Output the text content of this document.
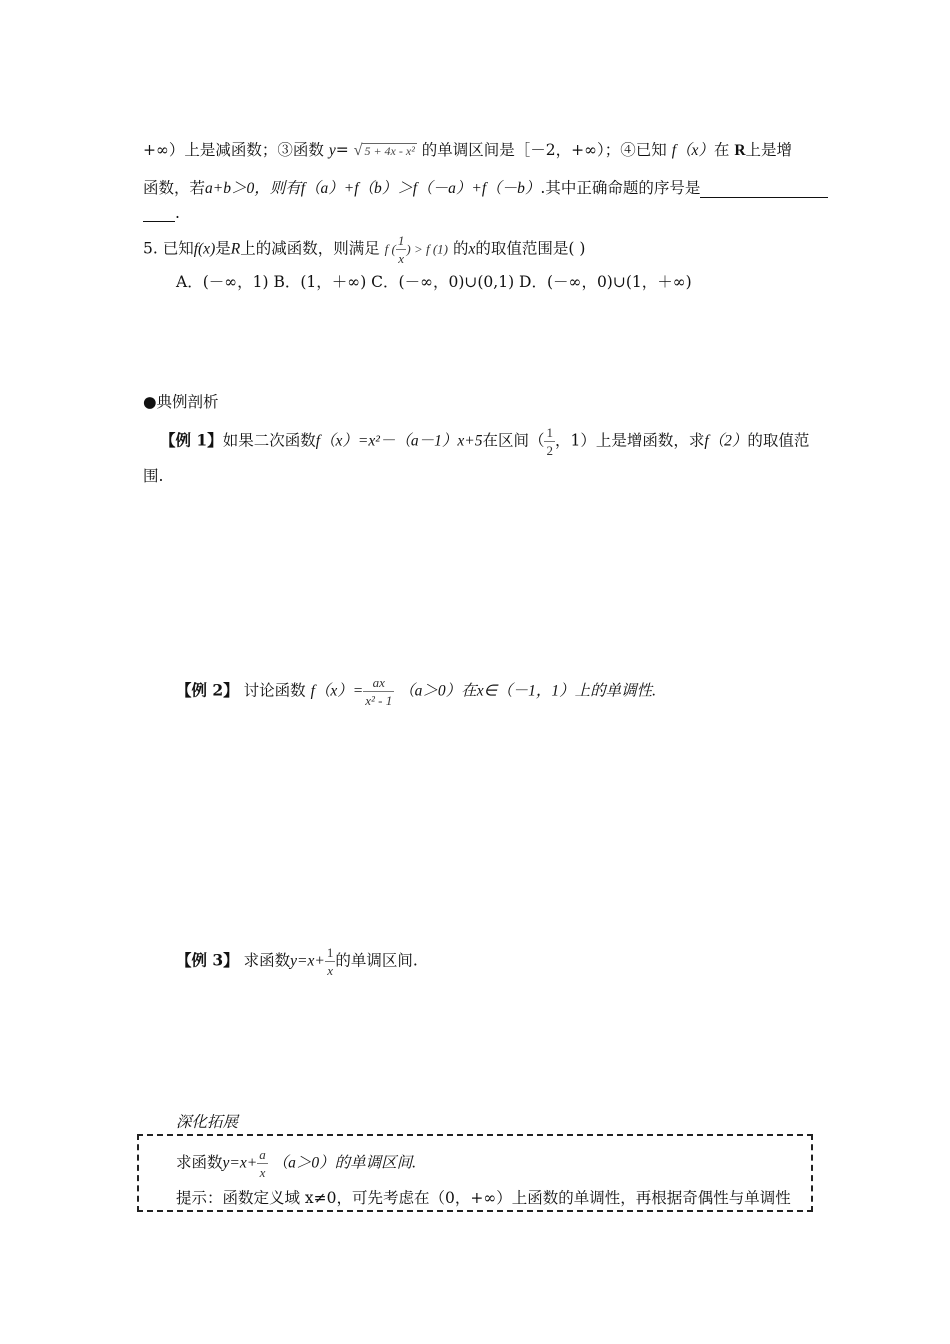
+∞）上是减函数；③函数 y= √ 5 + 4x - x² 的单调区间是［－2，+∞）；④已知 f（x）在 R上是增
函数，若a+b＞0，则有f（a）+f（b）＞f（－a）+f（－b）.其中正确命题的序号是
.
5. 已知f(x)是R上的减函数，则满足 f ( $\frac{1}{x}$ ) > f (1) 的x的取值范围是( )
A．(－∞，1) B．(1，＋∞) C．(－∞，0)∪(0,1) D．(－∞，0)∪(1，＋∞)
●典例剖析
【例 1】如果二次函数f（x）=x²－（a－1）x+5在区间（ $\frac{1}{2}$ ，1）上是增函数，求f（2）的取值范
围.
【例 2】 讨论函数 $f(x)= \frac{ax}{\text{x² - 1}} (a>0)$在x∈（－1，1）上的单调性.
【例 3】 求函数$y=x+ \frac{1}{x}$ 的单调区间.
深化拓展
求函数$y=x+ \frac{a}{x} (a>0)$的单调区间.
提示：函数定义域 x≠0，可先考虑在（0，+∞）上函数的单调性，再根据奇偶性与单调性
